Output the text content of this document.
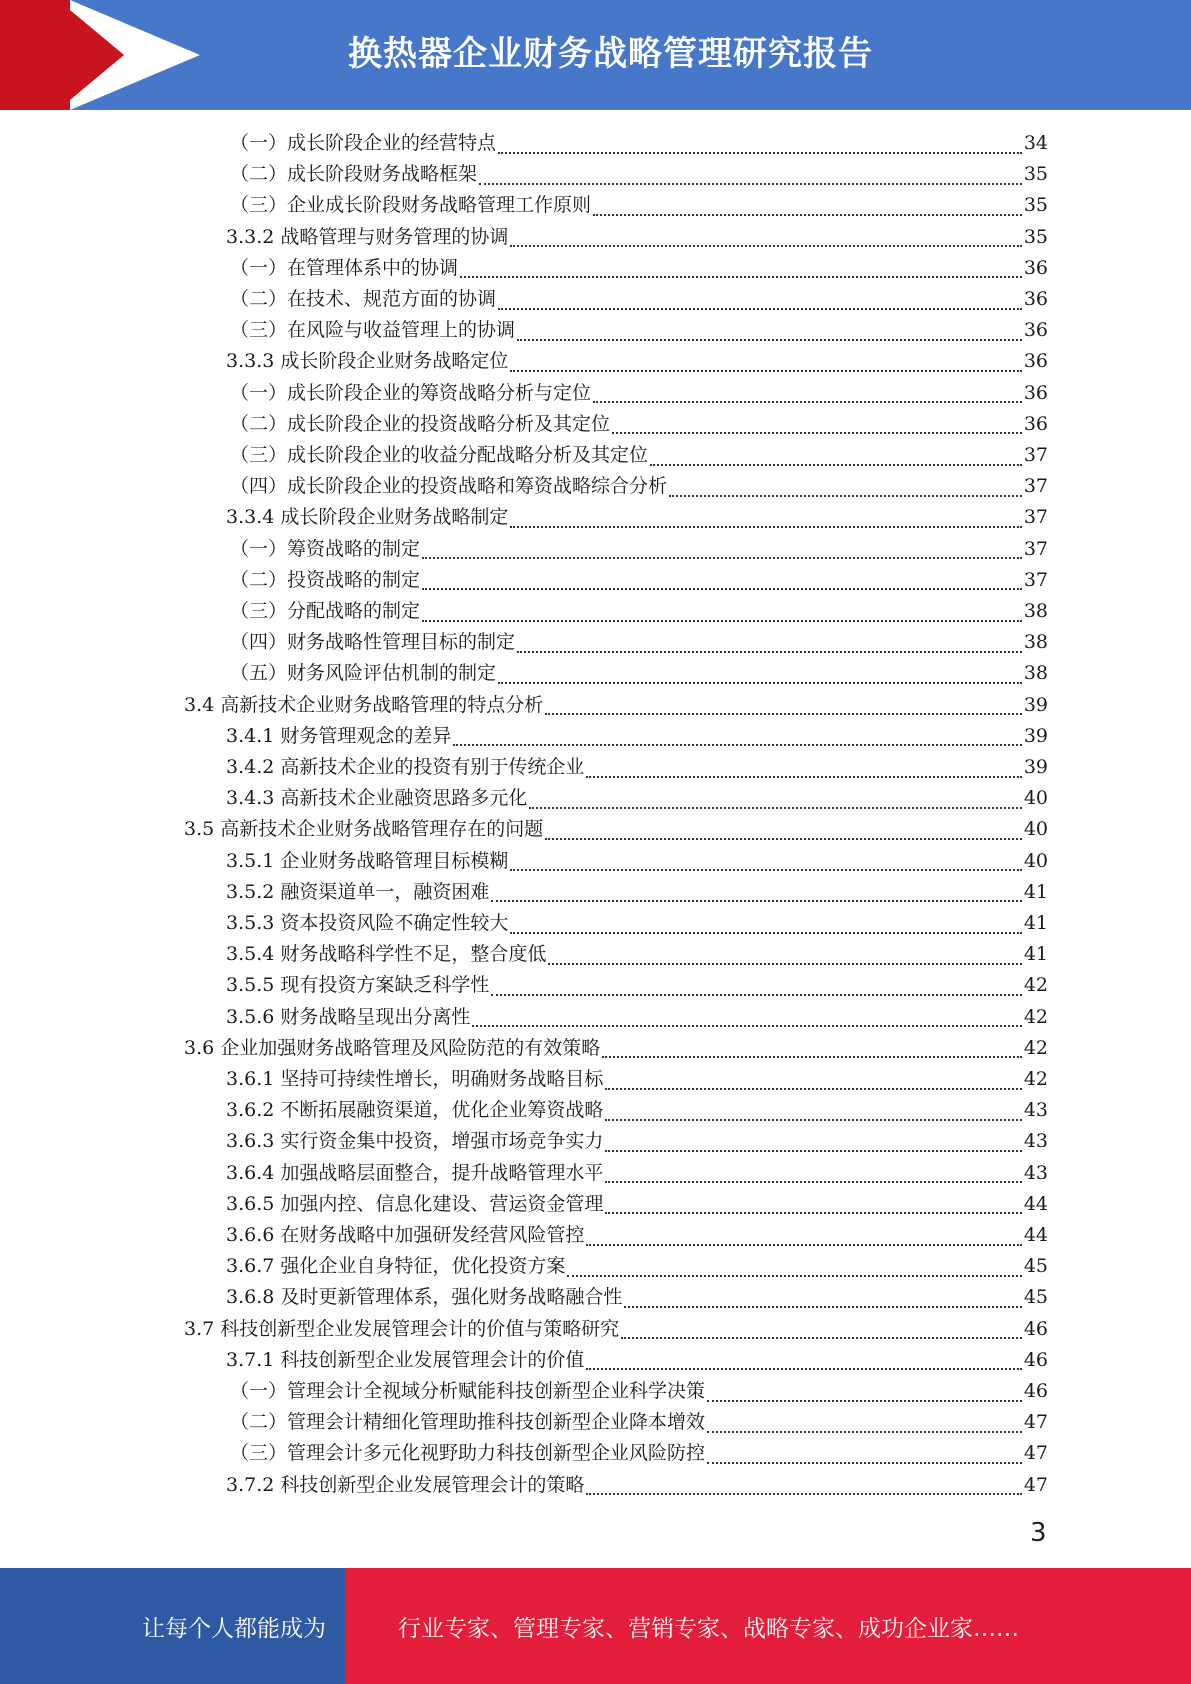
换热器企业财务战略管理研究报告
（一）成长阶段企业的经营特点	34
（二）成长阶段财务战略框架	35
（三）企业成长阶段财务战略管理工作原则	35
3.3.2 战略管理与财务管理的协调	35
（一）在管理体系中的协调	36
（二）在技术、规范方面的协调	36
（三）在风险与收益管理上的协调	36
3.3.3 成长阶段企业财务战略定位	36
（一）成长阶段企业的筹资战略分析与定位	36
（二）成长阶段企业的投资战略分析及其定位	36
（三）成长阶段企业的收益分配战略分析及其定位	37
（四）成长阶段企业的投资战略和筹资战略综合分析	37
3.3.4 成长阶段企业财务战略制定	37
（一）筹资战略的制定	37
（二）投资战略的制定	37
（三）分配战略的制定	38
（四）财务战略性管理目标的制定	38
（五）财务风险评估机制的制定	38
3.4 高新技术企业财务战略管理的特点分析	39
3.4.1 财务管理观念的差异	39
3.4.2 高新技术企业的投资有别于传统企业	39
3.4.3 高新技术企业融资思路多元化	40
3.5 高新技术企业财务战略管理存在的问题	40
3.5.1 企业财务战略管理目标模糊	40
3.5.2 融资渠道单一，融资困难	41
3.5.3 资本投资风险不确定性较大	41
3.5.4 财务战略科学性不足，整合度低	41
3.5.5 现有投资方案缺乏科学性	42
3.5.6 财务战略呈现出分离性	42
3.6 企业加强财务战略管理及风险防范的有效策略	42
3.6.1 坚持可持续性增长，明确财务战略目标	42
3.6.2 不断拓展融资渠道，优化企业筹资战略	43
3.6.3 实行资金集中投资，增强市场竞争实力	43
3.6.4 加强战略层面整合，提升战略管理水平	43
3.6.5 加强内控、信息化建设、营运资金管理	44
3.6.6 在财务战略中加强研发经营风险管控	44
3.6.7 强化企业自身特征，优化投资方案	45
3.6.8 及时更新管理体系，强化财务战略融合性	45
3.7 科技创新型企业发展管理会计的价值与策略研究	46
3.7.1 科技创新型企业发展管理会计的价值	46
（一）管理会计全视域分析赋能科技创新型企业科学决策	46
（二）管理会计精细化管理助推科技创新型企业降本增效	47
（三）管理会计多元化视野助力科技创新型企业风险防控	47
3.7.2 科技创新型企业发展管理会计的策略	47
3
让每个人都能成为	行业专家、管理专家、营销专家、战略专家、成功企业家……
